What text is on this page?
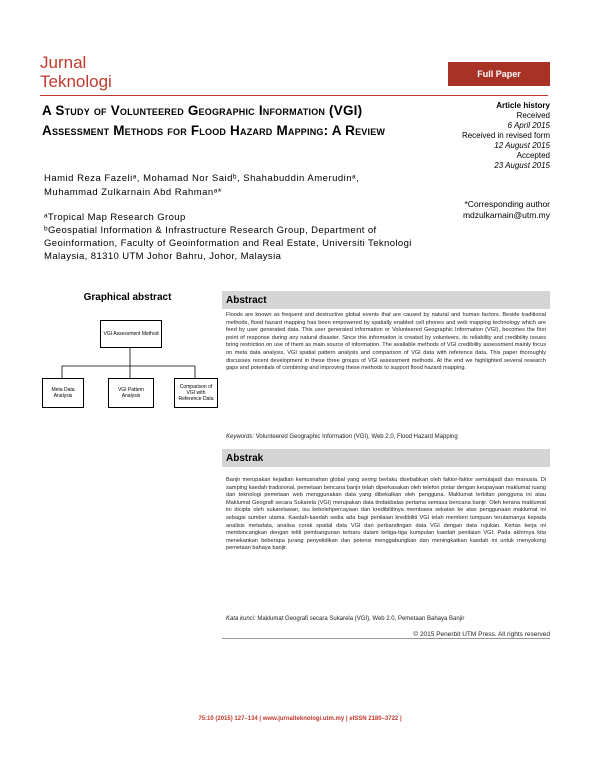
Jurnal
Teknologi	Full Paper
A Study of Volunteered Geographic Information (VGI) Assessment Methods for Flood Hazard Mapping: A Review
Hamid Reza Fazeliᵃ, Mohamad Nor Saidᵇ, Shahabuddin Amerudinᵃ, Muhammad Zulkarnain Abd Rahmanᵃ*
ᵃTropical Map Research Group
ᵇGeospatial Information & Infrastructure Research Group, Department of Geoinformation, Faculty of Geoinformation and Real Estate, Universiti Teknologi Malaysia, 81310 UTM Johor Bahru, Johor, Malaysia
Article history
Received
6 April 2015
Received in revised form
12 August 2015
Accepted
23 August 2015
*Corresponding author
mdzulkarnain@utm.my
Graphical abstract
VGI Assessment Method
Meta Data Analysis
VGI Pattern Analysis
Comparison of VGI with Reference Data
Abstract
Floods are known as frequent and destructive global events that are caused by natural and human factors. Beside traditional methods, flood hazard mapping has been empowered by spatially enabled cell phones and web mapping technology which are feed by user generated data. This user generated information or Volunteered Geographic Information (VGI), becomes the first point of response during any natural disaster. Since this information is created by volunteers, its reliability and credibility issues bring restriction on use of them as main source of information. The available methods of VGI credibility assessment mainly focus on meta data analysis, VGI spatial pattern analysis and comparison of VGI data with reference data. This paper thoroughly discusses recent development in these three groups of VGI assessment methods. At the end we highlighted several research gaps and potentials of combining and improving these methods to support flood hazard mapping.
Keywords: Volunteered Geographic Information (VGI), Web 2.0, Flood Hazard Mapping
Abstrak
Banjir merupakan kejadian kemusnahan global yang sering berlaku disebabkan oleh faktor-faktor semulajadi dan manusia. Di samping kaedah tradisional, pemetaan bencana banjir telah diperkasakan oleh telefon pintar dengan keupayaan maklumat ruang dan teknologi pemetaan web menggunakan data yang dibekalkan oleh pengguna. Maklumat terbitan pengguna ini atau Maklumat Geografi secara Sukarela (VGI) merupakan data tindakbalas pertama semasa bencana banjir. Oleh kerana maklumat ini dicipta oleh sukarelawan, isu kebolehpercayaan dan kredibilitinya membawa sekatan ke atas penggunaan maklumat ini sebagai sumber utama. Kaedah-kaedah sedia ada bagi penilaian kredibiliti VGI telah memberi tumpuan terutamanya kepada analisis metadata, analisa corak spatial data VGI dan perbandingan data VGI dengan data rujukan. Kertas kerja ini membincangkan dengan teliti pembangunan terbaru dalam ketiga-tiga kumpulan kaedah penilaian VGI. Pada akhirnya kita menekankan beberapa jurang penyelidikan dan potensi menggabungkan dan meningkatkan kaedah ini untuk menyokong pemetaan bahaya banjir.
Kata kunci: Maklumat Geografi secara Sukarela (VGI), Web 2.0, Pemetaan Bahaya Banjir
© 2015 Penerbit UTM Press. All rights reserved
75:10 (2015) 127–134 | www.jurnalteknologi.utm.my | eISSN 2180–3722 |
